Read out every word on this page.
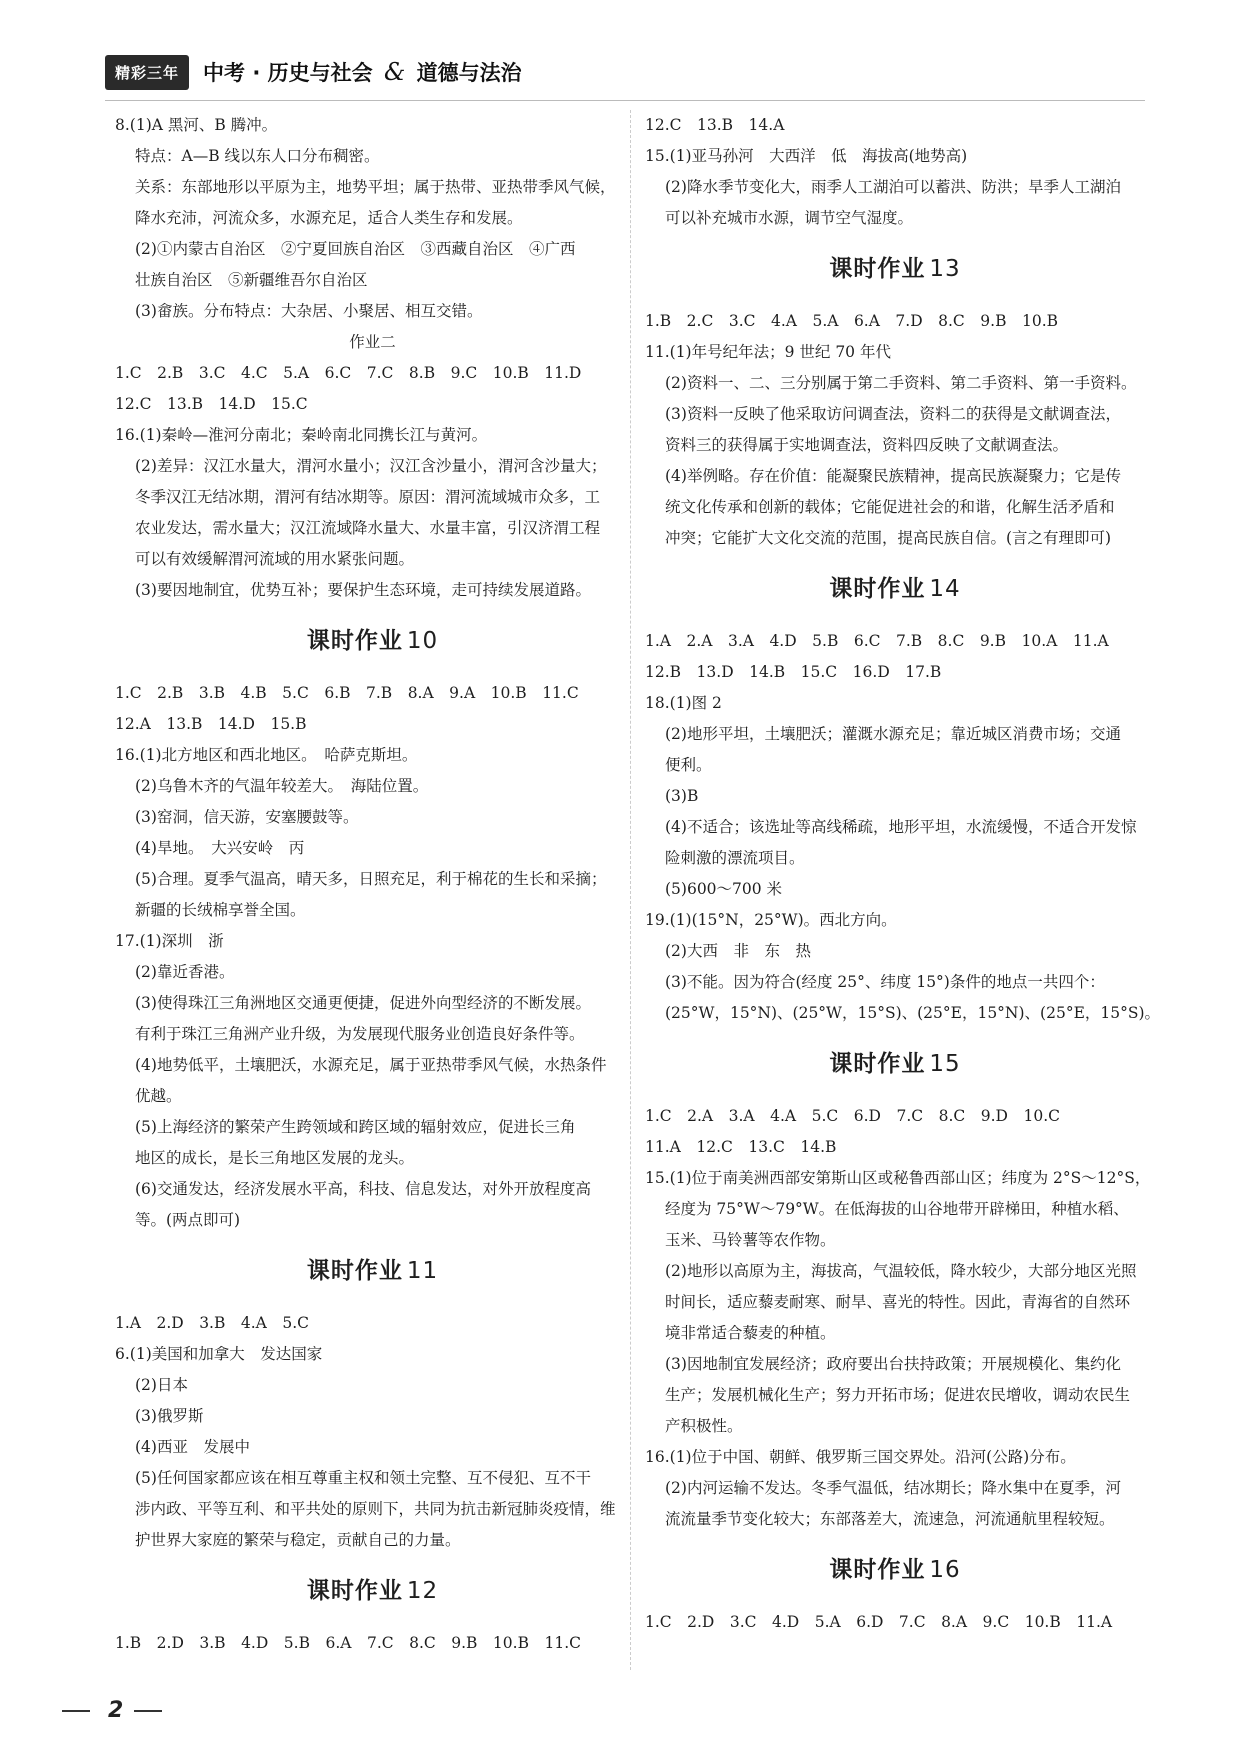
精彩三年	中考 · 历史与社会 & 道德与法治
8.(1)A 黑河、B 腾冲。
特点：A—B 线以东人口分布稠密。
关系：东部地形以平原为主，地势平坦；属于热带、亚热带季风气候，
降水充沛，河流众多，水源充足，适合人类生存和发展。
(2)①内蒙古自治区　②宁夏回族自治区　③西藏自治区　④广西
壮族自治区　⑤新疆维吾尔自治区
(3)畲族。分布特点：大杂居、小聚居、相互交错。
作业二
1.C　2.B　3.C　4.C　5.A　6.C　7.C　8.B　9.C　10.B　11.D
12.C　13.B　14.D　15.C
16.(1)秦岭—淮河分南北；秦岭南北同携长江与黄河。
(2)差异：汉江水量大，渭河水量小；汉江含沙量小，渭河含沙量大；
冬季汉江无结冰期，渭河有结冰期等。原因：渭河流域城市众多，工
农业发达，需水量大；汉江流域降水量大、水量丰富，引汉济渭工程
可以有效缓解渭河流域的用水紧张问题。
(3)要因地制宜，优势互补；要保护生态环境，走可持续发展道路。
课时作业 10
1.C　2.B　3.B　4.B　5.C　6.B　7.B　8.A　9.A　10.B　11.C
12.A　13.B　14.D　15.B
16.(1)北方地区和西北地区。　哈萨克斯坦。
(2)乌鲁木齐的气温年较差大。　海陆位置。
(3)窑洞，信天游，安塞腰鼓等。
(4)旱地。　大兴安岭　丙
(5)合理。夏季气温高，晴天多，日照充足，利于棉花的生长和采摘；
新疆的长绒棉享誉全国。
17.(1)深圳　浙
(2)靠近香港。
(3)使得珠江三角洲地区交通更便捷，促进外向型经济的不断发展。
有利于珠江三角洲产业升级，为发展现代服务业创造良好条件等。
(4)地势低平，土壤肥沃，水源充足，属于亚热带季风气候，水热条件
优越。
(5)上海经济的繁荣产生跨领域和跨区域的辐射效应，促进长三角
地区的成长，是长三角地区发展的龙头。
(6)交通发达，经济发展水平高，科技、信息发达，对外开放程度高
等。(两点即可)
课时作业 11
1.A　2.D　3.B　4.A　5.C
6.(1)美国和加拿大　发达国家
(2)日本
(3)俄罗斯
(4)西亚　发展中
(5)任何国家都应该在相互尊重主权和领土完整、互不侵犯、互不干
涉内政、平等互利、和平共处的原则下，共同为抗击新冠肺炎疫情，维
护世界大家庭的繁荣与稳定，贡献自己的力量。
课时作业 12
1.B　2.D　3.B　4.D　5.B　6.A　7.C　8.C　9.B　10.B　11.C
12.C　13.B　14.A
15.(1)亚马孙河　大西洋　低　海拔高(地势高)
(2)降水季节变化大，雨季人工湖泊可以蓄洪、防洪；旱季人工湖泊
可以补充城市水源，调节空气湿度。
课时作业 13
1.B　2.C　3.C　4.A　5.A　6.A　7.D　8.C　9.B　10.B
11.(1)年号纪年法；9 世纪 70 年代
(2)资料一、二、三分别属于第二手资料、第二手资料、第一手资料。
(3)资料一反映了他采取访问调查法，资料二的获得是文献调查法，
资料三的获得属于实地调查法，资料四反映了文献调查法。
(4)举例略。存在价值：能凝聚民族精神，提高民族凝聚力；它是传
统文化传承和创新的载体；它能促进社会的和谐，化解生活矛盾和
冲突；它能扩大文化交流的范围，提高民族自信。(言之有理即可)
课时作业 14
1.A　2.A　3.A　4.D　5.B　6.C　7.B　8.C　9.B　10.A　11.A
12.B　13.D　14.B　15.C　16.D　17.B
18.(1)图 2
(2)地形平坦，土壤肥沃；灌溉水源充足；靠近城区消费市场；交通
便利。
(3)B
(4)不适合；该选址等高线稀疏，地形平坦，水流缓慢，不适合开发惊
险刺激的漂流项目。
(5)600～700 米
19.(1)(15°N，25°W)。西北方向。
(2)大西　非　东　热
(3)不能。因为符合(经度 25°、纬度 15°)条件的地点一共四个：
(25°W，15°N)、(25°W，15°S)、(25°E，15°N)、(25°E，15°S)。
课时作业 15
1.C　2.A　3.A　4.A　5.C　6.D　7.C　8.C　9.D　10.C
11.A　12.C　13.C　14.B
15.(1)位于南美洲西部安第斯山区或秘鲁西部山区；纬度为 2°S～12°S，
经度为 75°W～79°W。在低海拔的山谷地带开辟梯田，种植水稻、
玉米、马铃薯等农作物。
(2)地形以高原为主，海拔高，气温较低，降水较少，大部分地区光照
时间长，适应藜麦耐寒、耐旱、喜光的特性。因此，青海省的自然环
境非常适合藜麦的种植。
(3)因地制宜发展经济；政府要出台扶持政策；开展规模化、集约化
生产；发展机械化生产；努力开拓市场；促进农民增收，调动农民生
产积极性。
16.(1)位于中国、朝鲜、俄罗斯三国交界处。沿河(公路)分布。
(2)内河运输不发达。冬季气温低，结冰期长；降水集中在夏季，河
流流量季节变化较大；东部落差大，流速急，河流通航里程较短。
课时作业 16
1.C　2.D　3.C　4.D　5.A　6.D　7.C　8.A　9.C　10.B　11.A
2
